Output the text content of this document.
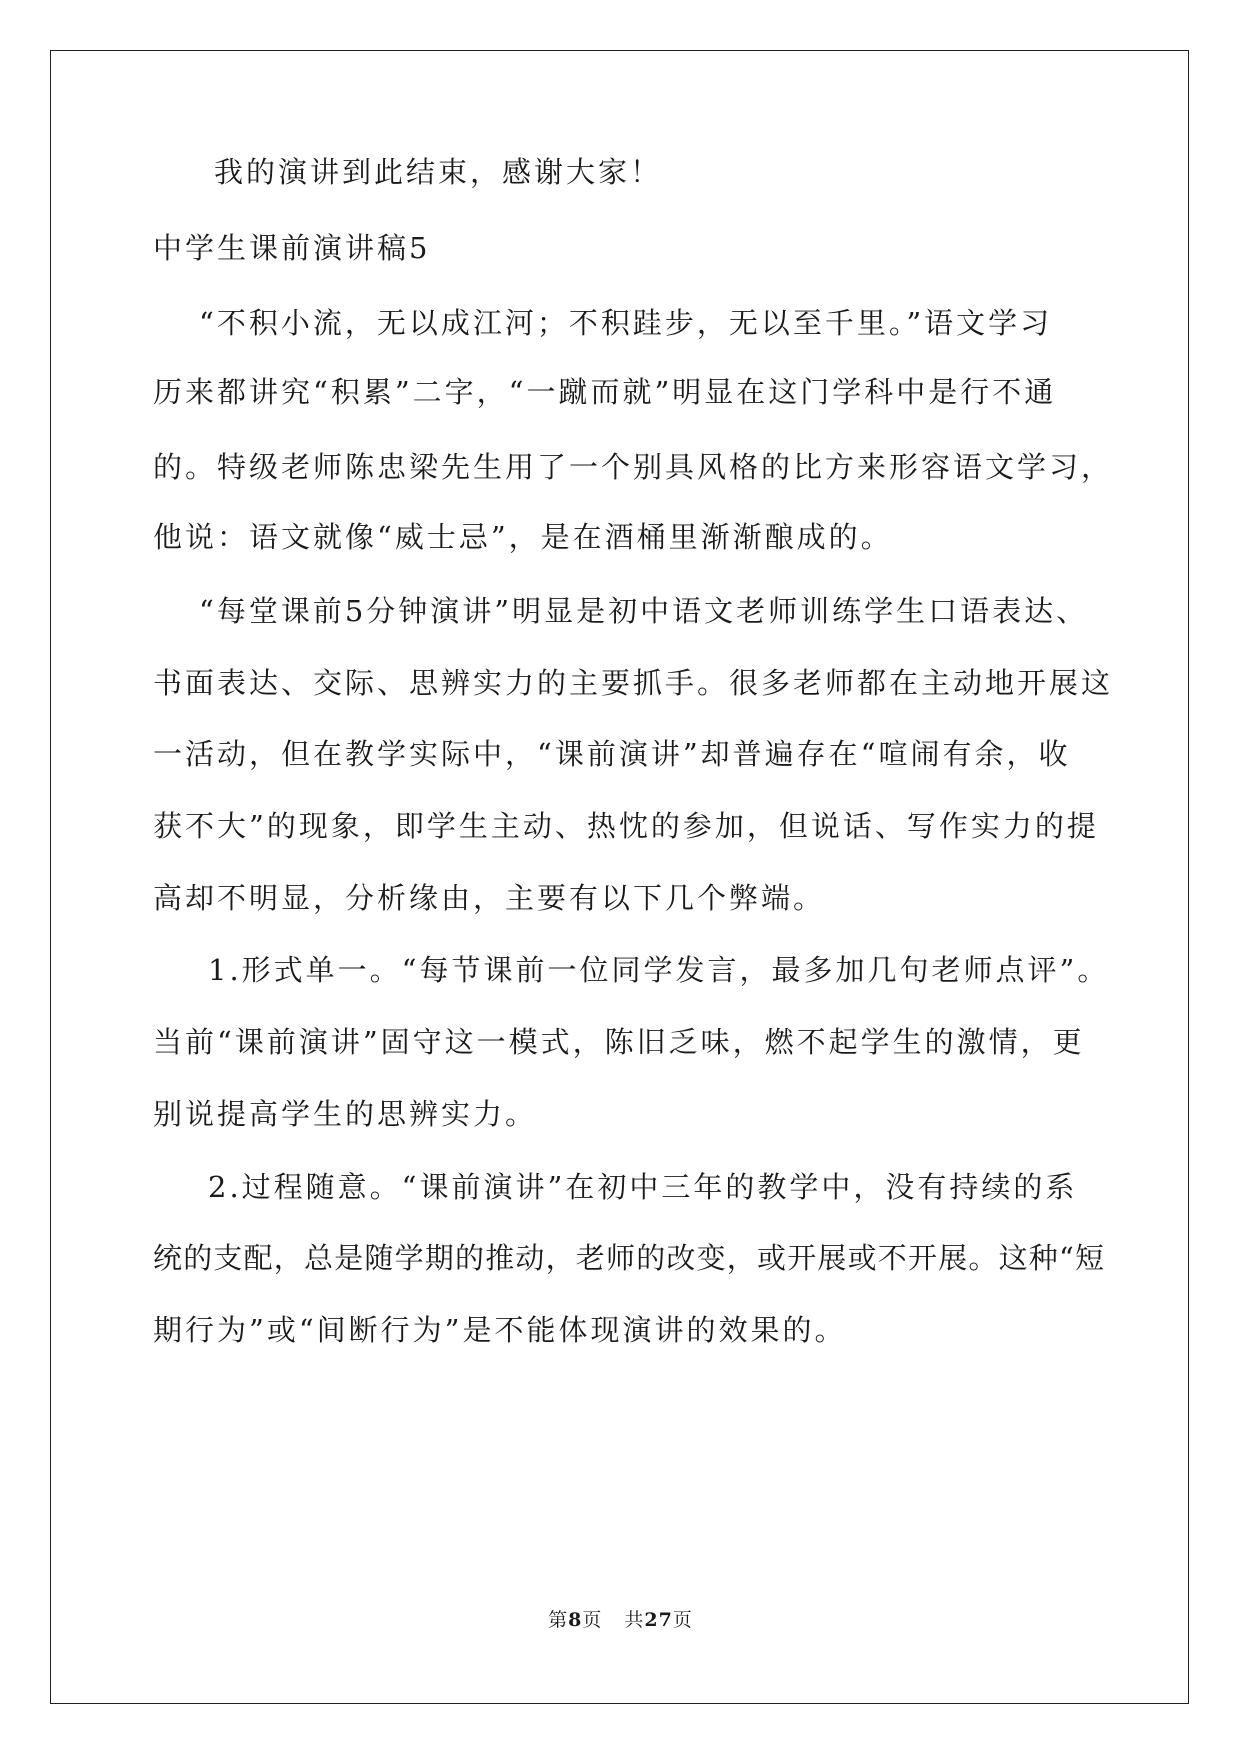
我的演讲到此结束，感谢大家！
中学生课前演讲稿5
“不积小流，无以成江河；不积跬步，无以至千里。”语文学习
历来都讲究“积累”二字，“一蹴而就”明显在这门学科中是行不通
的。特级老师陈忠梁先生用了一个别具风格的比方来形容语文学习，
他说：语文就像“威士忌”，是在酒桶里渐渐酿成的。
“每堂课前5分钟演讲”明显是初中语文老师训练学生口语表达、
书面表达、交际、思辨实力的主要抓手。很多老师都在主动地开展这
一活动，但在教学实际中，“课前演讲”却普遍存在“喧闹有余，收
获不大”的现象，即学生主动、热忱的参加，但说话、写作实力的提
高却不明显，分析缘由，主要有以下几个弊端。
1.形式单一。“每节课前一位同学发言，最多加几句老师点评”。
当前“课前演讲”固守这一模式，陈旧乏味，燃不起学生的激情，更
别说提高学生的思辨实力。
2.过程随意。“课前演讲”在初中三年的教学中，没有持续的系
统的支配，总是随学期的推动，老师的改变，或开展或不开展。这种“短
期行为”或“间断行为”是不能体现演讲的效果的。
第8页 共27页
